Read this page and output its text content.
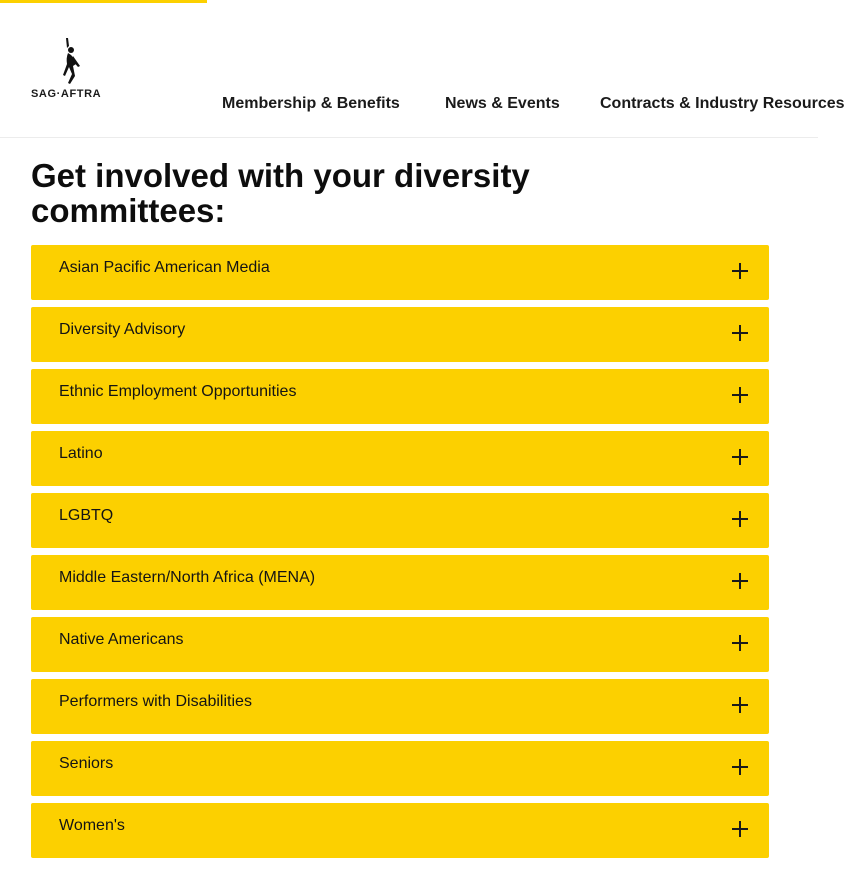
SAG·AFTRA
Membership & Benefits	News & Events	Contracts & Industry Resources
Get involved with your diversity committees:
Asian Pacific American Media
Diversity Advisory
Ethnic Employment Opportunities
Latino
LGBTQ
Middle Eastern/North Africa (MENA)
Native Americans
Performers with Disabilities
Seniors
Women's
